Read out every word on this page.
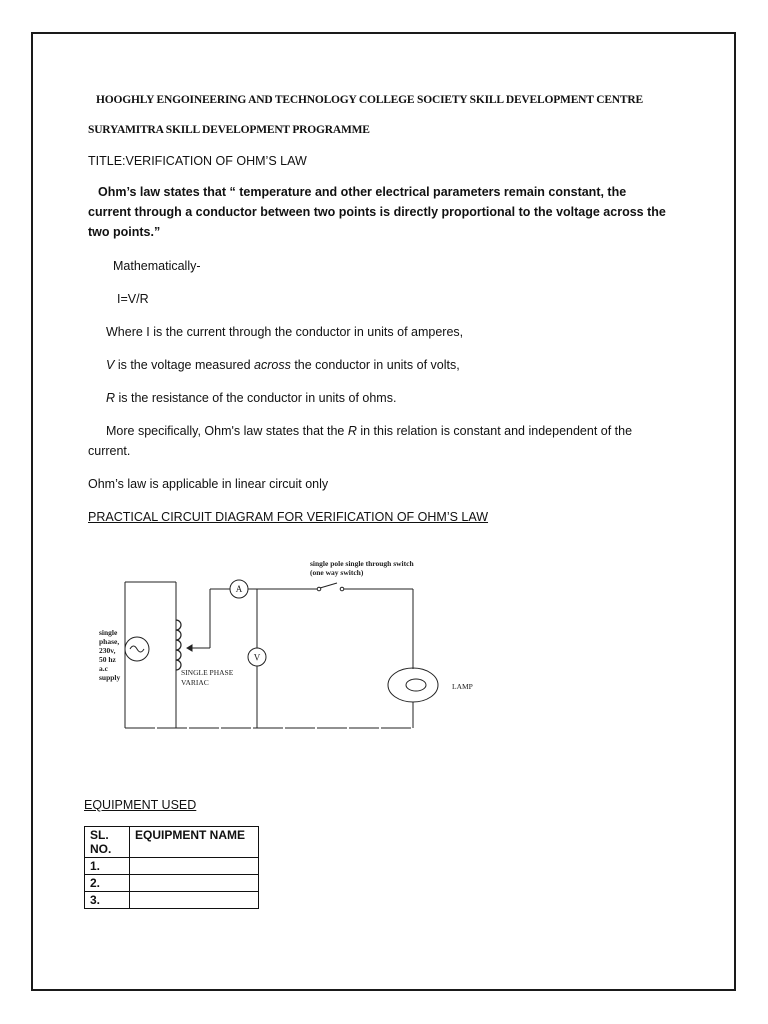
HOOGHLY ENGOINEERING AND TECHNOLOGY COLLEGE SOCIETY SKILL DEVELOPMENT CENTRE
SURYAMITRA SKILL DEVELOPMENT PROGRAMME
TITLE:VERIFICATION OF OHM’S LAW
Ohm’s law states that “ temperature and other electrical parameters remain constant, the current through a conductor between two points is directly proportional to the voltage across the two points.”
Mathematically-
I=V/R
Where I is the current through the conductor in units of amperes,
V is the voltage measured across the conductor in units of volts,
R is the resistance of the conductor in units of ohms.
More specifically, Ohm's law states that the R in this relation is constant and independent of the current.
Ohm’s law is applicable in linear circuit only
PRACTICAL CIRCUIT DIAGRAM FOR VERIFICATION OF OHM’S LAW
single pole single through switch
(one way switch)
single
phase,
230v,
50 hz
a.c
supply
SINGLE PHASE
VARIAC
A
V
LAMP
EQUIPMENT USED
SL.
NO.	EQUIPMENT NAME
1.	
2.	
3.	
